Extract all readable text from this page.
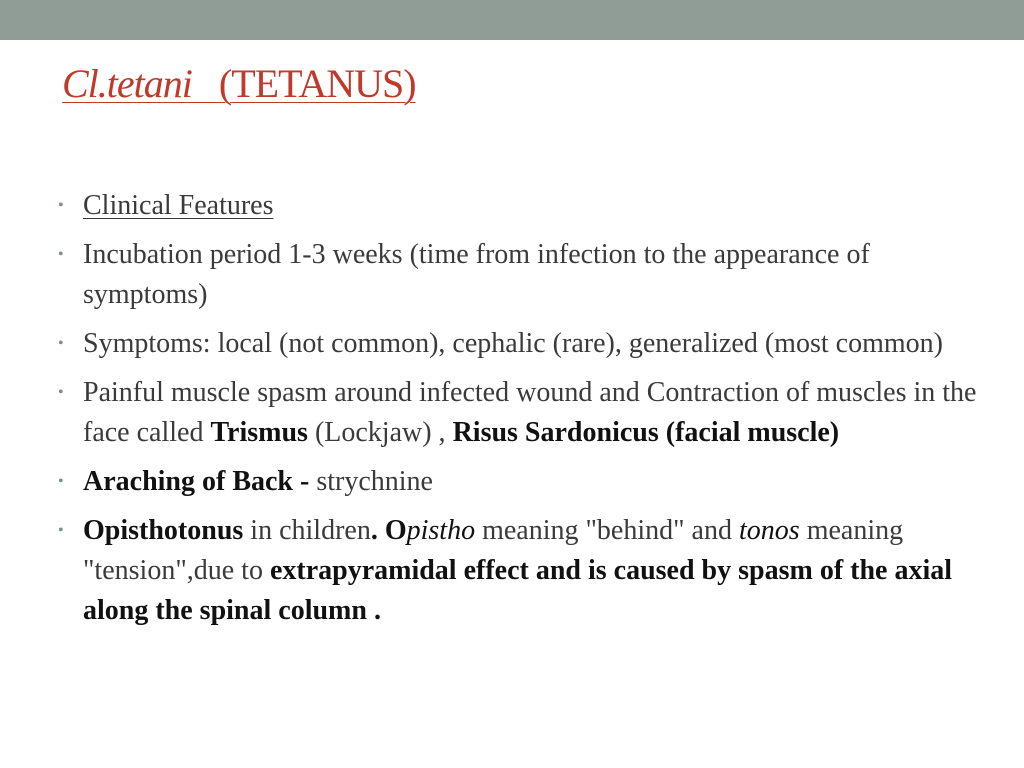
Cl.tetani   (TETANUS)
• Clinical Features
• Incubation period 1-3 weeks (time from infection to the appearance of symptoms)
• Symptoms: local (not common), cephalic (rare), generalized (most common)
• Painful muscle spasm around infected wound and Contraction of muscles in the face called Trismus (Lockjaw) , Risus Sardonicus (facial muscle)
• Araching of Back - strychnine
• Opisthotonus in children. Opistho meaning "behind" and tonos meaning "tension",due to extrapyramidal effect and is caused by spasm of the axial along the spinal column .
